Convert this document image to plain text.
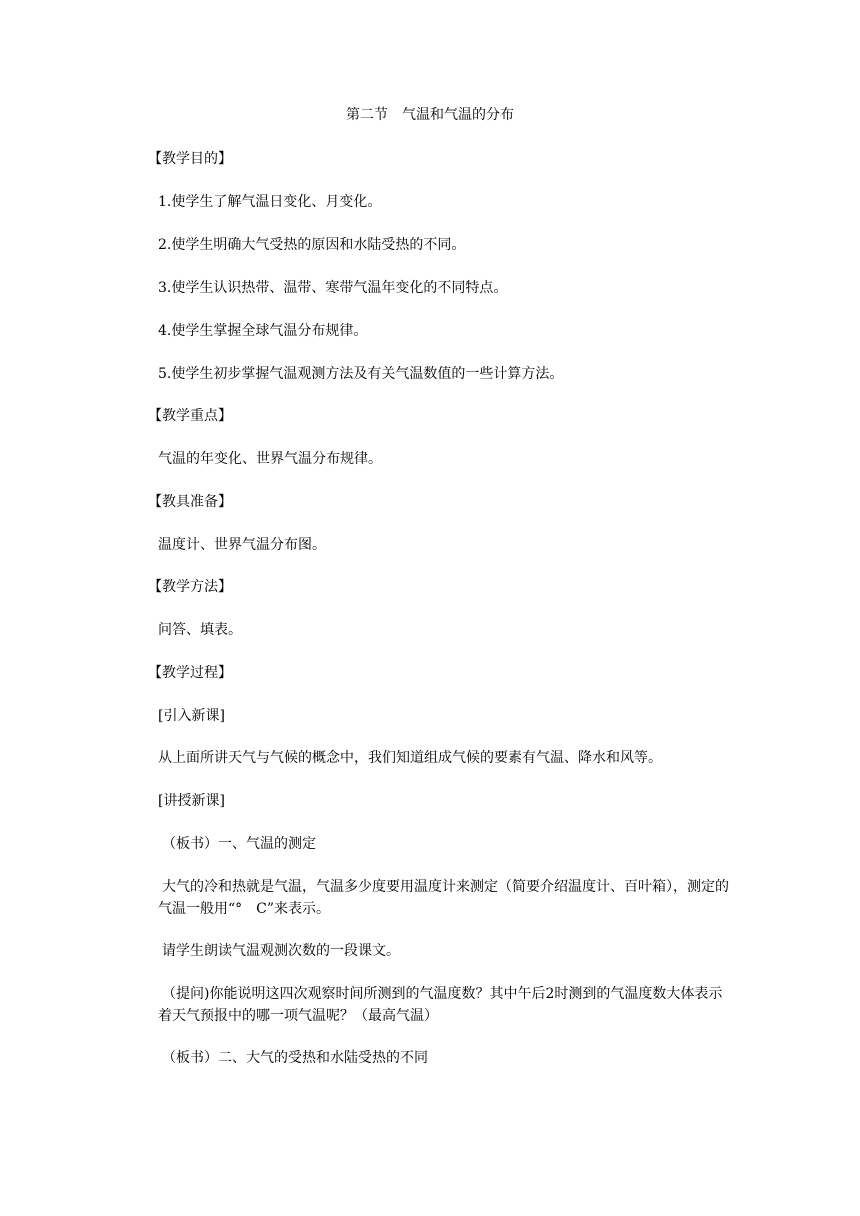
第二节　气温和气温的分布
【教学目的】
1.使学生了解气温日变化、月变化。
2.使学生明确大气受热的原因和水陆受热的不同。
3.使学生认识热带、温带、寒带气温年变化的不同特点。
4.使学生掌握全球气温分布规律。
5.使学生初步掌握气温观测方法及有关气温数值的一些计算方法。
【教学重点】
气温的年变化、世界气温分布规律。
【教具准备】
温度计、世界气温分布图。
【教学方法】
问答、填表。
【教学过程】
[引入新课]
从上面所讲天气与气候的概念中，我们知道组成气候的要素有气温、降水和风等。
[讲授新课]
（板书）一、气温的测定
大气的冷和热就是气温，气温多少度要用温度计来测定（简要介绍温度计、百叶箱），测定的气温一般用“°　C”来表示。
请学生朗读气温观测次数的一段课文。
（提问)你能说明这四次观察时间所测到的气温度数？其中午后2时测到的气温度数大体表示着天气预报中的哪一项气温呢？（最高气温）
（板书）二、大气的受热和水陆受热的不同
